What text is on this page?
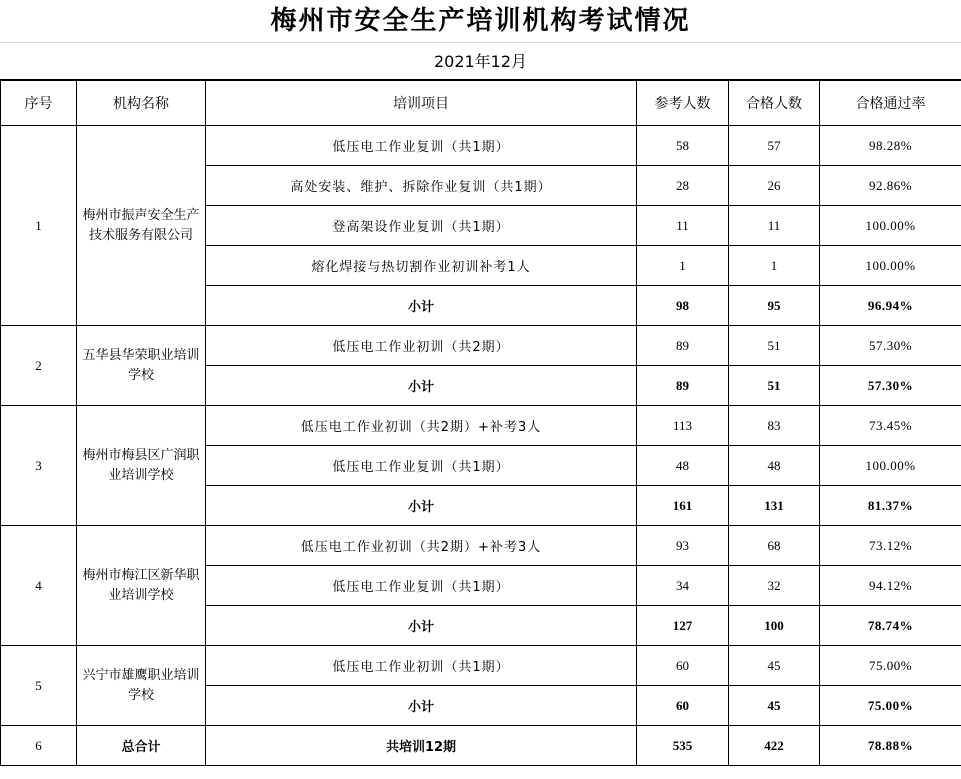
梅州市安全生产培训机构考试情况
2021年12月
序号	机构名称	培训项目	参考人数	合格人数	合格通过率
1	梅州市振声安全生产技术服务有限公司	低压电工作业复训（共1期）	58	57	98.28%
		高处安装、维护、拆除作业复训（共1期）	28	26	92.86%
		登高架设作业复训（共1期）	11	11	100.00%
		熔化焊接与热切割作业初训补考1人	1	1	100.00%
		小计	98	95	96.94%
2	五华县华荣职业培训学校	低压电工作业初训（共2期）	89	51	57.30%
		小计	89	51	57.30%
3	梅州市梅县区广润职业培训学校	低压电工作业初训（共2期）+补考3人	113	83	73.45%
		低压电工作业复训（共1期）	48	48	100.00%
		小计	161	131	81.37%
4	梅州市梅江区新华职业培训学校	低压电工作业初训（共2期）+补考3人	93	68	73.12%
		低压电工作业复训（共1期）	34	32	94.12%
		小计	127	100	78.74%
5	兴宁市雄鹰职业培训学校	低压电工作业初训（共1期）	60	45	75.00%
		小计	60	45	75.00%
6	总合计	共培训12期	535	422	78.88%
